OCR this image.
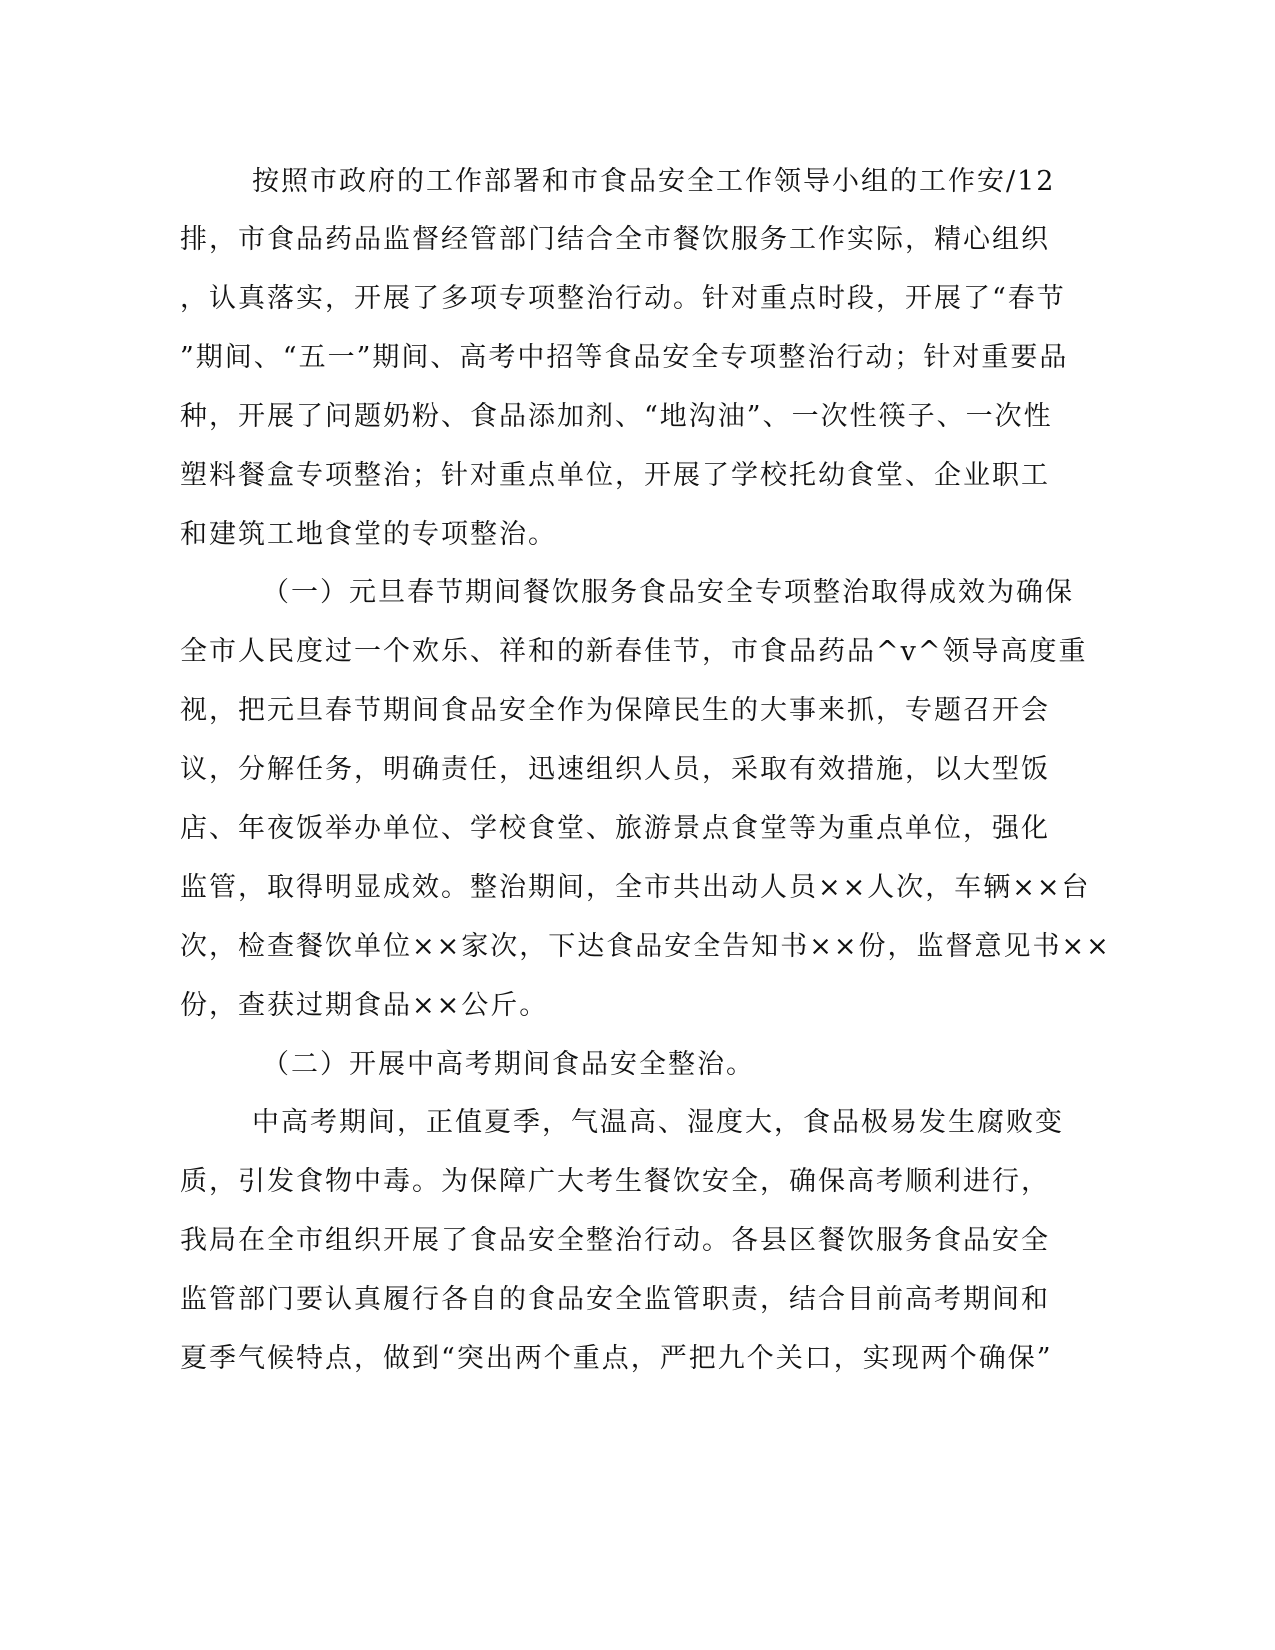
按照市政府的工作部署和市食品安全工作领导小组的工作安/12
排，市食品药品监督经管部门结合全市餐饮服务工作实际，精心组织
，认真落实，开展了多项专项整治行动。针对重点时段，开展了“春节
”期间、“五一”期间、高考中招等食品安全专项整治行动；针对重要品
种，开展了问题奶粉、食品添加剂、“地沟油”、一次性筷子、一次性
塑料餐盒专项整治；针对重点单位，开展了学校托幼食堂、企业职工
和建筑工地食堂的专项整治。
（一）元旦春节期间餐饮服务食品安全专项整治取得成效为确保
全市人民度过一个欢乐、祥和的新春佳节，市食品药品^v^领导高度重
视，把元旦春节期间食品安全作为保障民生的大事来抓，专题召开会
议，分解任务，明确责任，迅速组织人员，采取有效措施，以大型饭
店、年夜饭举办单位、学校食堂、旅游景点食堂等为重点单位，强化
监管，取得明显成效。整治期间，全市共出动人员××人次，车辆××台
次，检查餐饮单位××家次，下达食品安全告知书××份，监督意见书××
份，查获过期食品××公斤。
（二）开展中高考期间食品安全整治。
中高考期间，正值夏季，气温高、湿度大，食品极易发生腐败变
质，引发食物中毒。为保障广大考生餐饮安全，确保高考顺利进行，
我局在全市组织开展了食品安全整治行动。各县区餐饮服务食品安全
监管部门要认真履行各自的食品安全监管职责，结合目前高考期间和
夏季气候特点，做到“突出两个重点，严把九个关口，实现两个确保”
